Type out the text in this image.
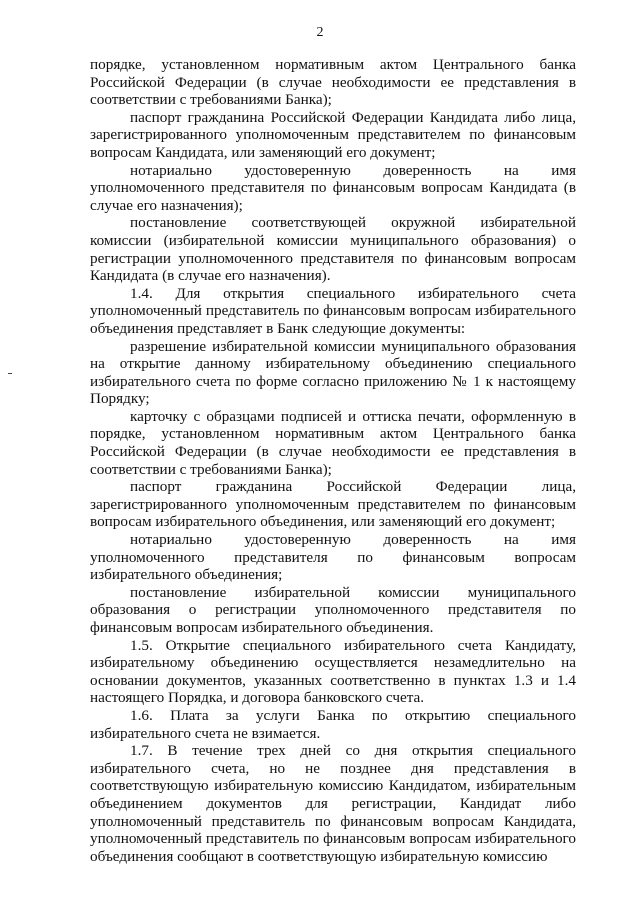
2

порядке, установленном нормативным актом Центрального банка Российской Федерации (в случае необходимости ее представления в соответствии с требованиями Банка);

паспорт гражданина Российской Федерации Кандидата либо лица, зарегистрированного уполномоченным представителем по финансовым вопросам Кандидата, или заменяющий его документ;

нотариально удостоверенную доверенность на имя уполномоченного представителя по финансовым вопросам Кандидата (в случае его назначения);

постановление соответствующей окружной избирательной комиссии (избирательной комиссии муниципального образования) о регистрации уполномоченного представителя по финансовым вопросам Кандидата (в случае его назначения).

1.4. Для открытия специального избирательного счета уполномоченный представитель по финансовым вопросам избирательного объединения представляет в Банк следующие документы:

разрешение избирательной комиссии муниципального образования на открытие данному избирательному объединению специального избирательного счета по форме согласно приложению № 1 к настоящему Порядку;

карточку с образцами подписей и оттиска печати, оформленную в порядке, установленном нормативным актом Центрального банка Российской Федерации (в случае необходимости ее представления в соответствии с требованиями Банка);

паспорт гражданина Российской Федерации лица, зарегистрированного уполномоченным представителем по финансовым вопросам избирательного объединения, или заменяющий его документ;

нотариально удостоверенную доверенность на имя уполномоченного представителя по финансовым вопросам избирательного объединения;

постановление избирательной комиссии муниципального образования о регистрации уполномоченного представителя по финансовым вопросам избирательного объединения.

1.5. Открытие специального избирательного счета Кандидату, избирательному объединению осуществляется незамедлительно на основании документов, указанных соответственно в пунктах 1.3 и 1.4 настоящего Порядка, и договора банковского счета.

1.6. Плата за услуги Банка по открытию специального избирательного счета не взимается.

1.7. В течение трех дней со дня открытия специального избирательного счета, но не позднее дня представления в соответствующую избирательную комиссию Кандидатом, избирательным объединением документов для регистрации, Кандидат либо уполномоченный представитель по финансовым вопросам Кандидата, уполномоченный представитель по финансовым вопросам избирательного объединения сообщают в соответствующую избирательную комиссию
